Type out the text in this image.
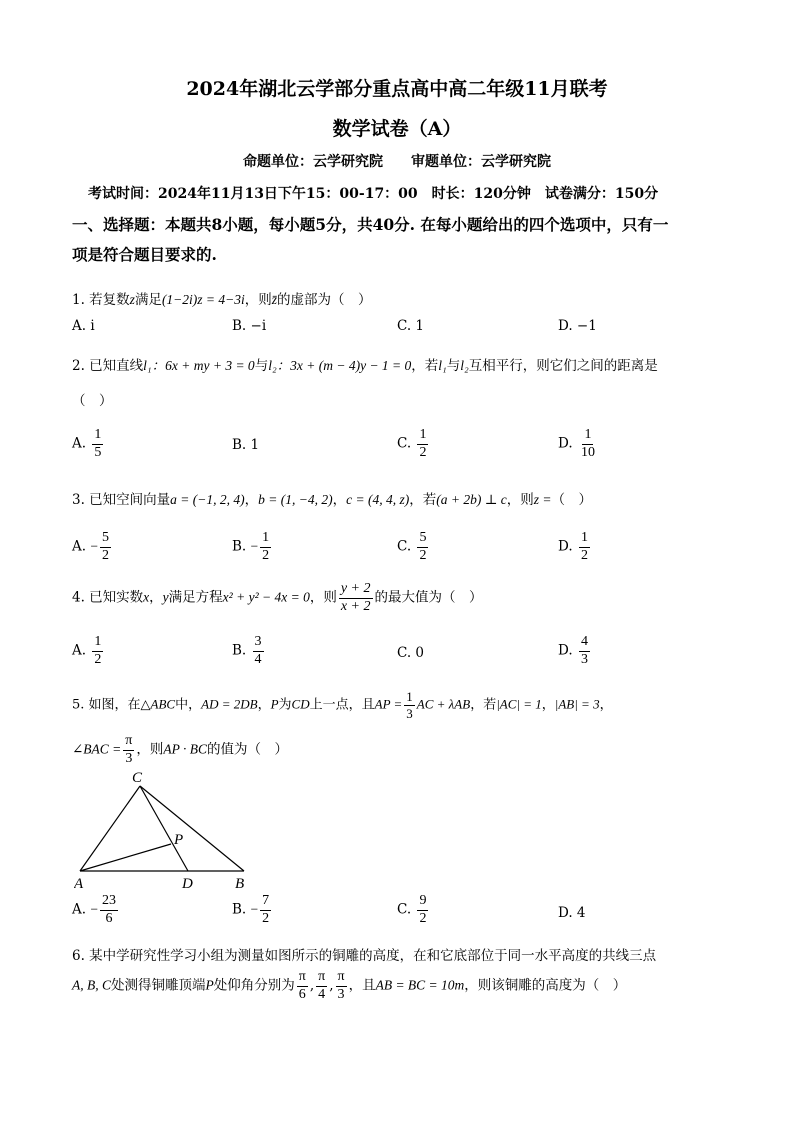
2024年湖北云学部分重点高中高二年级11月联考
数学试卷（A）
命题单位：云学研究院　　审题单位：云学研究院
考试时间：2024年11月13日下午15：00-17：00　时长：120分钟　试卷满分：150分
一、选择题：本题共8小题，每小题5分，共40分. 在每小题给出的四个选项中，只有一
项是符合题目要求的.
1. 若复数z满足(1−2i)z = 4−3i，则z̄的虚部为（　）
A. i	B. −i	C. 1	D. −1
2. 已知直线l₁：6x + my + 3 = 0与l₂：3x + (m − 4)y − 1 = 0，若l₁与l₂互相平行，则它们之间的距离是
（　）
A. $\frac{1}{5}$	B. 1	C. $\frac{1}{2}$	D. $\frac{1}{10}$
3. 已知空间向量a = (−1, 2, 4)，b = (1, −4, 2)，c = (4, 4, z)，若(a + 2b) ⊥ c，则z =（　）
A. − $\frac{5}{2}$	B. − $\frac{1}{2}$	C. $\frac{5}{2}$	D. $\frac{1}{2}$
4. 已知实数x，y满足方程x² + y² − 4x = 0，则 $\frac{y + 2}{x + 2}$ 的最大值为（　）
A. $\frac{1}{2}$	B. $\frac{3}{4}$	C. 0	D. $\frac{4}{3}$
5. 如图，在△ABC中，AD = 2DB，P为CD上一点，且AP = $\frac{1}{3}$ AC + λAB，若|AC| = 1，|AB| = 3，
∠BAC = $\frac{\pi}{3}$ ，则AP · BC的值为（　）
C
P
A	D	B
A. − $\frac{23}{6}$	B. − $\frac{7}{2}$	C. $\frac{9}{2}$	D. 4
6. 某中学研究性学习小组为测量如图所示的铜雕的高度，在和它底部位于同一水平高度的共线三点
A, B, C处测得铜雕顶端P处仰角分别为 $\frac{\pi}{6}$ , $\frac{\pi}{4}$ , $\frac{\pi}{3}$ ，且AB = BC = 10m，则该铜雕的高度为（　）
